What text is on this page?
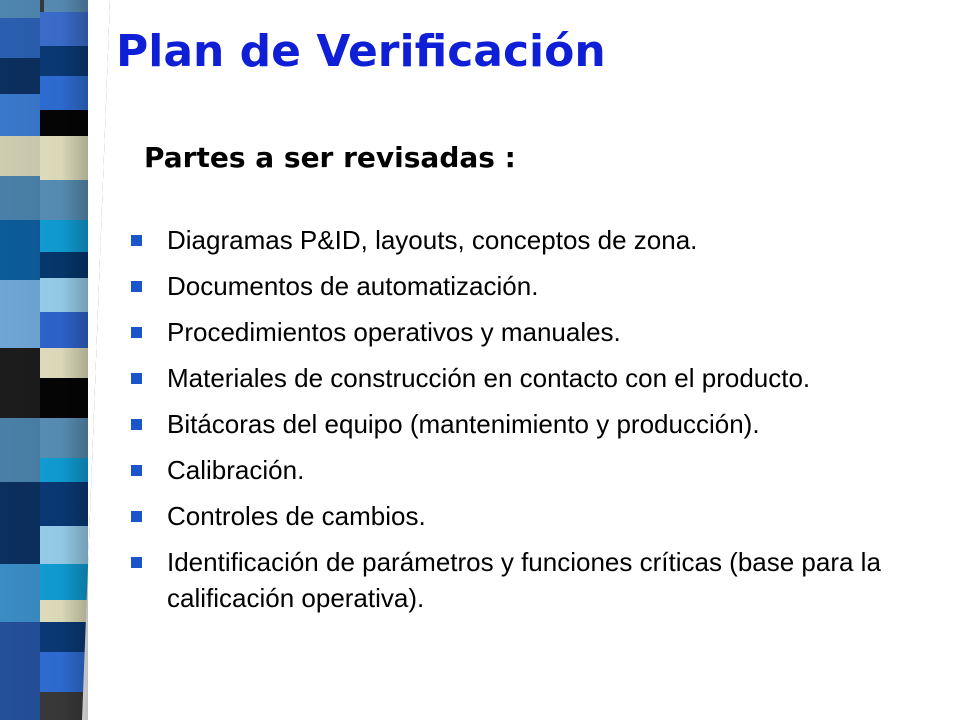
Plan de Verificación
Partes a ser revisadas :
Diagramas P&ID, layouts, conceptos de zona.
Documentos de automatización.
Procedimientos operativos y manuales.
Materiales de construcción en contacto con el producto.
Bitácoras del equipo (mantenimiento y producción).
Calibración.
Controles de cambios.
Identificación de parámetros y funciones críticas (base para la calificación operativa).
